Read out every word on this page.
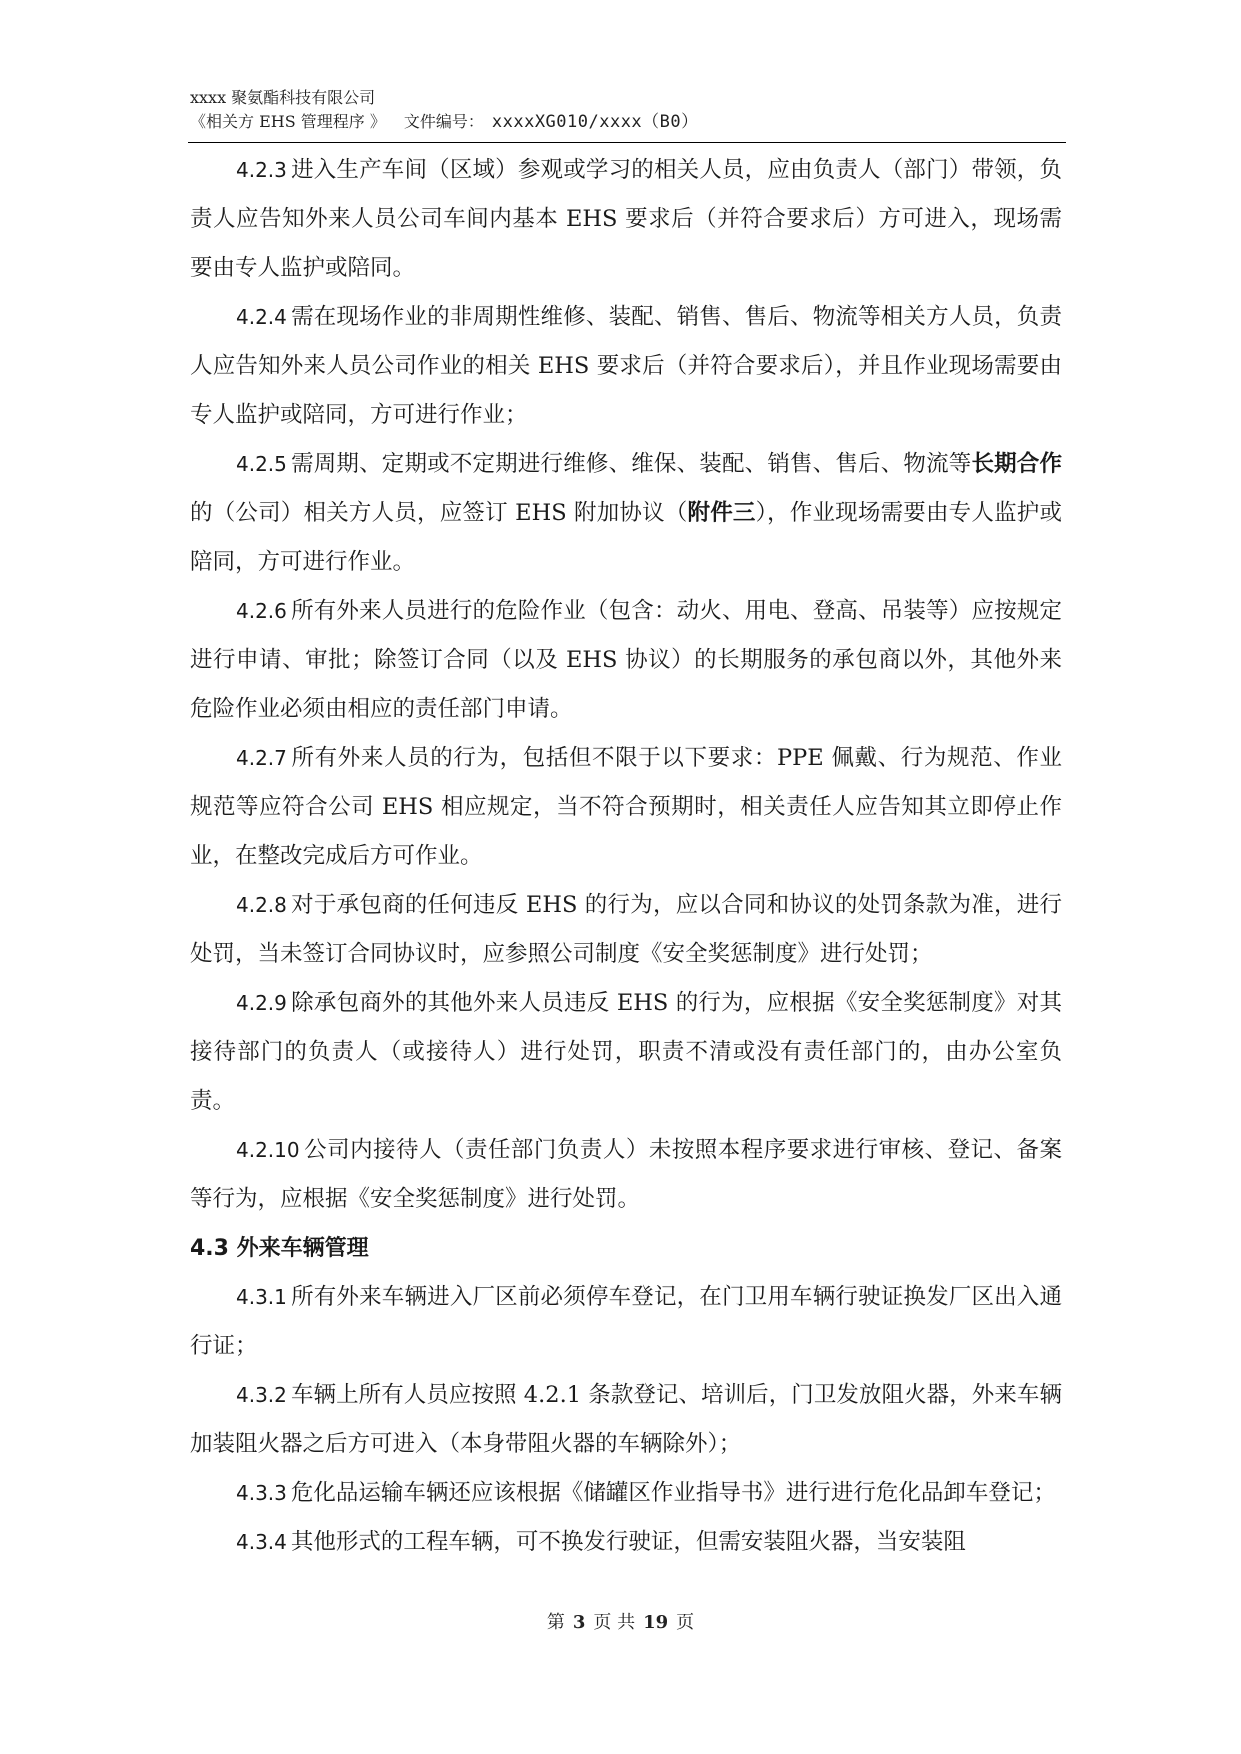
xxxx 聚氨酯科技有限公司
《相关方 EHS 管理程序 》 文件编号： xxxxXG010/xxxx（B0）

4.2.3 进入生产车间（区域）参观或学习的相关人员，应由负责人（部门）带领，负责人应告知外来人员公司车间内基本 EHS 要求后（并符合要求后）方可进入，现场需要由专人监护或陪同。

4.2.4 需在现场作业的非周期性维修、装配、销售、售后、物流等相关方人员，负责人应告知外来人员公司作业的相关 EHS 要求后（并符合要求后），并且作业现场需要由专人监护或陪同，方可进行作业；

4.2.5 需周期、定期或不定期进行维修、维保、装配、销售、售后、物流等长期合作的（公司）相关方人员，应签订 EHS 附加协议（附件三），作业现场需要由专人监护或陪同，方可进行作业。

4.2.6 所有外来人员进行的危险作业（包含：动火、用电、登高、吊装等）应按规定进行申请、审批；除签订合同（以及 EHS 协议）的长期服务的承包商以外，其他外来危险作业必须由相应的责任部门申请。

4.2.7 所有外来人员的行为，包括但不限于以下要求：PPE 佩戴、行为规范、作业规范等应符合公司 EHS 相应规定，当不符合预期时，相关责任人应告知其立即停止作业，在整改完成后方可作业。

4.2.8 对于承包商的任何违反 EHS 的行为，应以合同和协议的处罚条款为准，进行处罚，当未签订合同协议时，应参照公司制度《安全奖惩制度》进行处罚；

4.2.9 除承包商外的其他外来人员违反 EHS 的行为，应根据《安全奖惩制度》对其接待部门的负责人（或接待人）进行处罚，职责不清或没有责任部门的，由办公室负责。

4.2.10 公司内接待人（责任部门负责人）未按照本程序要求进行审核、登记、备案等行为，应根据《安全奖惩制度》进行处罚。

4.3 外来车辆管理

4.3.1 所有外来车辆进入厂区前必须停车登记，在门卫用车辆行驶证换发厂区出入通行证；

4.3.2 车辆上所有人员应按照 4.2.1 条款登记、培训后，门卫发放阻火器，外来车辆加装阻火器之后方可进入（本身带阻火器的车辆除外）；

4.3.3 危化品运输车辆还应该根据《储罐区作业指导书》进行进行危化品卸车登记；

4.3.4 其他形式的工程车辆，可不换发行驶证，但需安装阻火器，当安装阻

第 3 页 共 19 页
